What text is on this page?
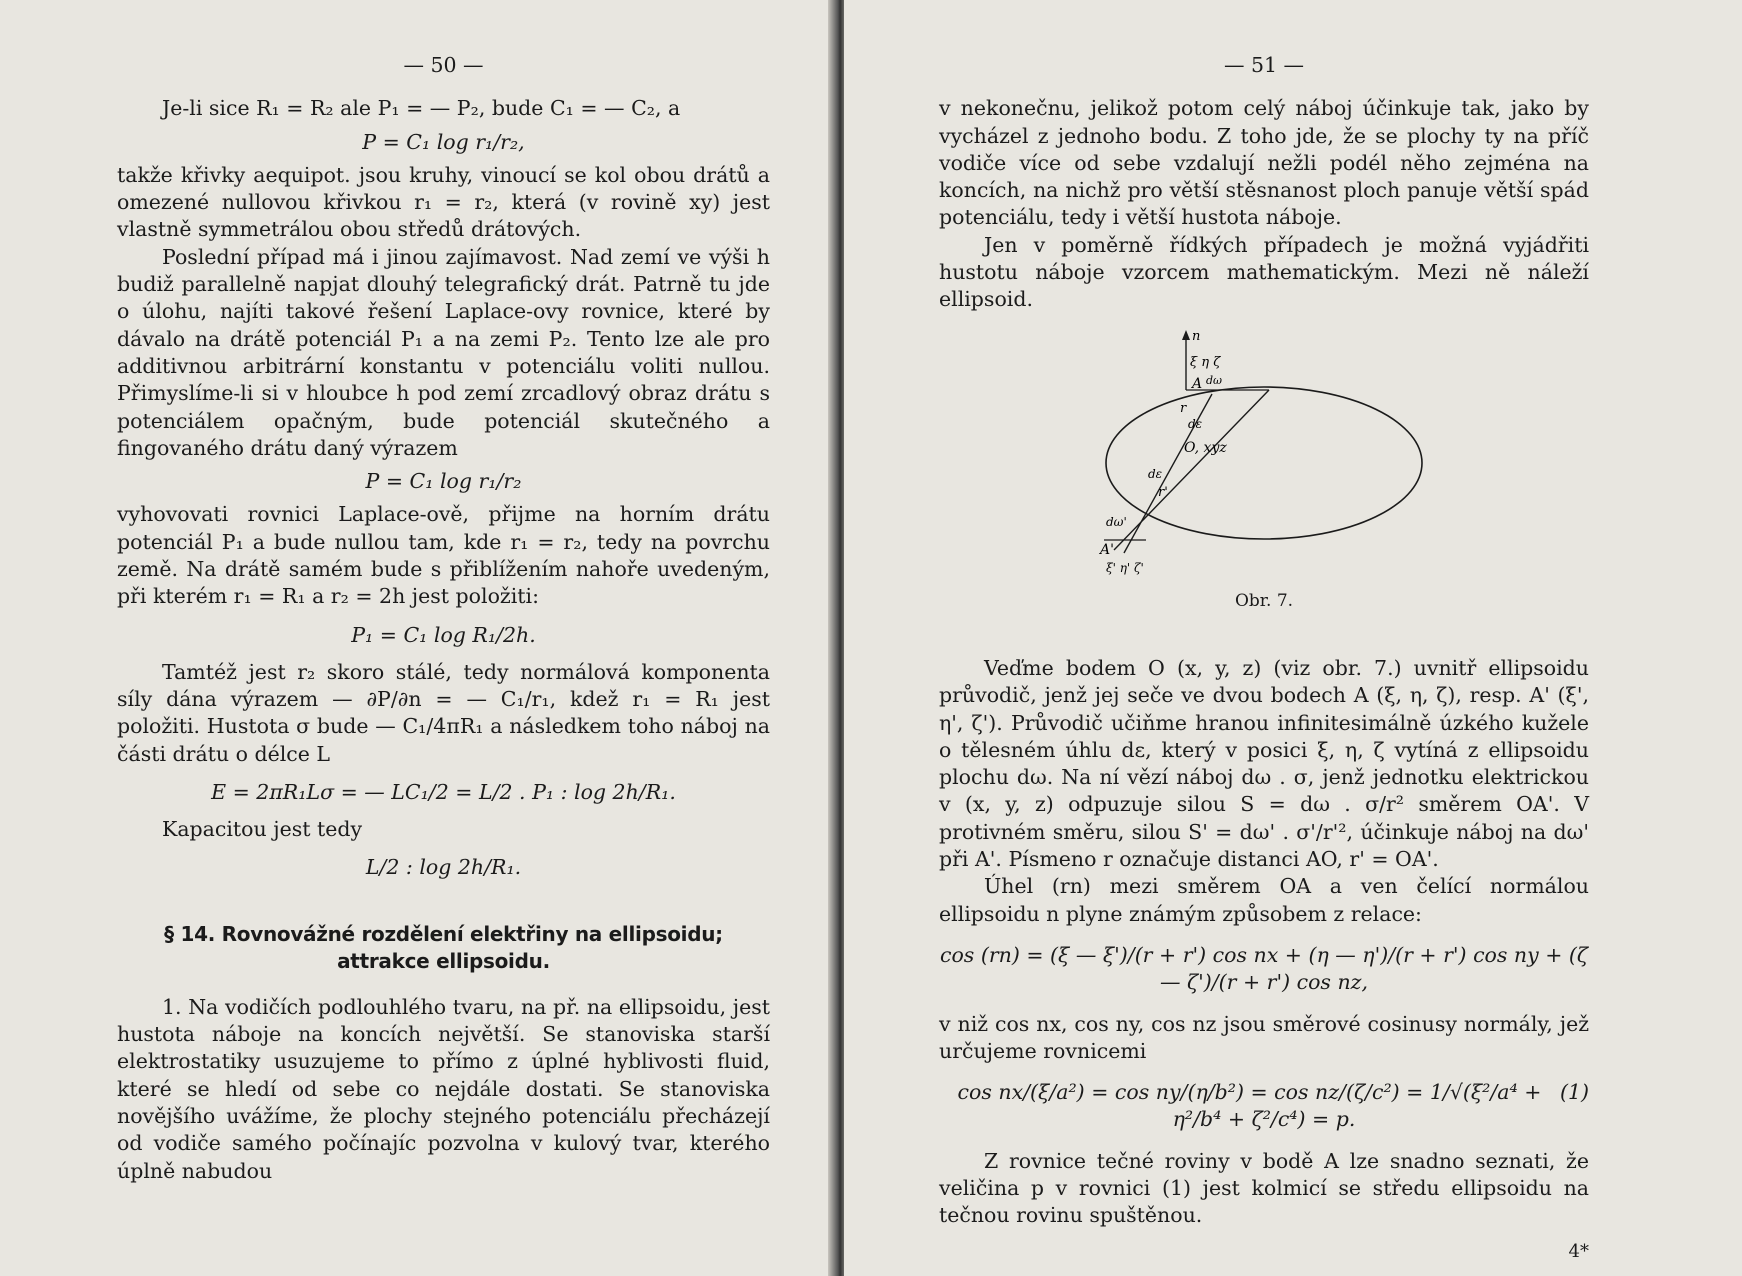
— 50 —

Je-li sice R₁ = R₂ ale P₁ = — P₂, bude C₁ = — C₂, a

P = C₁ log r₁/r₂,

takže křivky aequipot. jsou kruhy, vinoucí se kol obou drátů a omezené nullovou křivkou r₁ = r₂, která (v rovině xy) jest vlastně symmetrálou obou středů drátových.

Poslední případ má i jinou zajímavost. Nad zemí ve výši h budiž parallelně napjat dlouhý telegrafický drát. Patrně tu jde o úlohu, najíti takové řešení Laplace-ovy rovnice, které by dávalo na drátě potenciál P₁ a na zemi P₂. Tento lze ale pro additivnou arbitrární konstantu v potenciálu voliti nullou. Přimyslíme-li si v hloubce h pod zemí zrcadlový obraz drátu s potenciálem opačným, bude potenciál skutečného a fingovaného drátu daný výrazem

P = C₁ log r₁/r₂

vyhovovati rovnici Laplace-ově, přijme na horním drátu potenciál P₁ a bude nullou tam, kde r₁ = r₂, tedy na povrchu země. Na drátě samém bude s přiblížením nahoře uvedeným, při kterém r₁ = R₁ a r₂ = 2h jest položiti:

P₁ = C₁ log R₁/2h.

Tamtéž jest r₂ skoro stálé, tedy normálová komponenta síly dána výrazem — ∂P/∂n = — C₁/r₁, kdež r₁ = R₁ jest položiti. Hustota σ bude — C₁/4πR₁ a následkem toho náboj na části drátu o délce L

E = 2πR₁Lσ = — LC₁/2 = L/2 . P₁ : log 2h/R₁.

Kapacitou jest tedy

L/2 : log 2h/R₁.
§ 14. Rovnovážné rozdělení elektřiny na ellipsoidu; attrakce ellipsoidu.

1. Na vodičích podlouhlého tvaru, na př. na ellipsoidu, jest hustota náboje na koncích největší. Se stanoviska starší elektrostatiky usuzujeme to přímo z úplné hyblivosti fluid, které se hledí od sebe co nejdále dostati. Se stanoviska novějšího uvážíme, že plochy stejného potenciálu přecházejí od vodiče samého počínajíc pozvolna v kulový tvar, kterého úplně nabudou

— 51 —

v nekonečnu, jelikož potom celý náboj účinkuje tak, jako by vycházel z jednoho bodu. Z toho jde, že se plochy ty na příč vodiče více od sebe vzdalují nežli podél něho zejména na koncích, na nichž pro větší stěsnanost ploch panuje větší spád potenciálu, tedy i větší hustota náboje.

Jen v poměrně řídkých případech je možná vyjádřiti hustotu náboje vzorcem mathematickým. Mezi ně náleží ellipsoid.

n
ξ η ζ
A dω
r
dε
O, xyz
dε
r'
dω'
A'
ξ' η' ζ'
Obr. 7.

Veďme bodem O (x, y, z) (viz obr. 7.) uvnitř ellipsoidu průvodič, jenž jej seče ve dvou bodech A (ξ, η, ζ), resp. A' (ξ', η', ζ'). Průvodič učiňme hranou infinitesimálně úzkého kužele o tělesném úhlu dε, který v posici ξ, η, ζ vytíná z ellipsoidu plochu dω. Na ní vězí náboj dω . σ, jenž jednotku elektrickou v (x, y, z) odpuzuje silou S = dω . σ/r² směrem OA'. V protivném směru, silou S' = dω' . σ'/r'², účinkuje náboj na dω' při A'. Písmeno r označuje distanci AO, r' = OA'.

Úhel (rn) mezi směrem OA a ven čelící normálou ellipsoidu n plyne známým způsobem z relace:

cos (rn) = (ξ — ξ')/(r + r') cos nx + (η — η')/(r + r') cos ny + (ζ — ζ')/(r + r') cos nz,

v niž cos nx, cos ny, cos nz jsou směrové cosinusy normály, jež určujeme rovnicemi

(1)
cos nx/(ξ/a²) = cos ny/(η/b²) = cos nz/(ζ/c²) = 1/√(ξ²/a⁴ + η²/b⁴ + ζ²/c⁴) = p.

Z rovnice tečné roviny v bodě A lze snadno seznati, že veličina p v rovnici (1) jest kolmicí se středu ellipsoidu na tečnou rovinu spuštěnou.

4*
